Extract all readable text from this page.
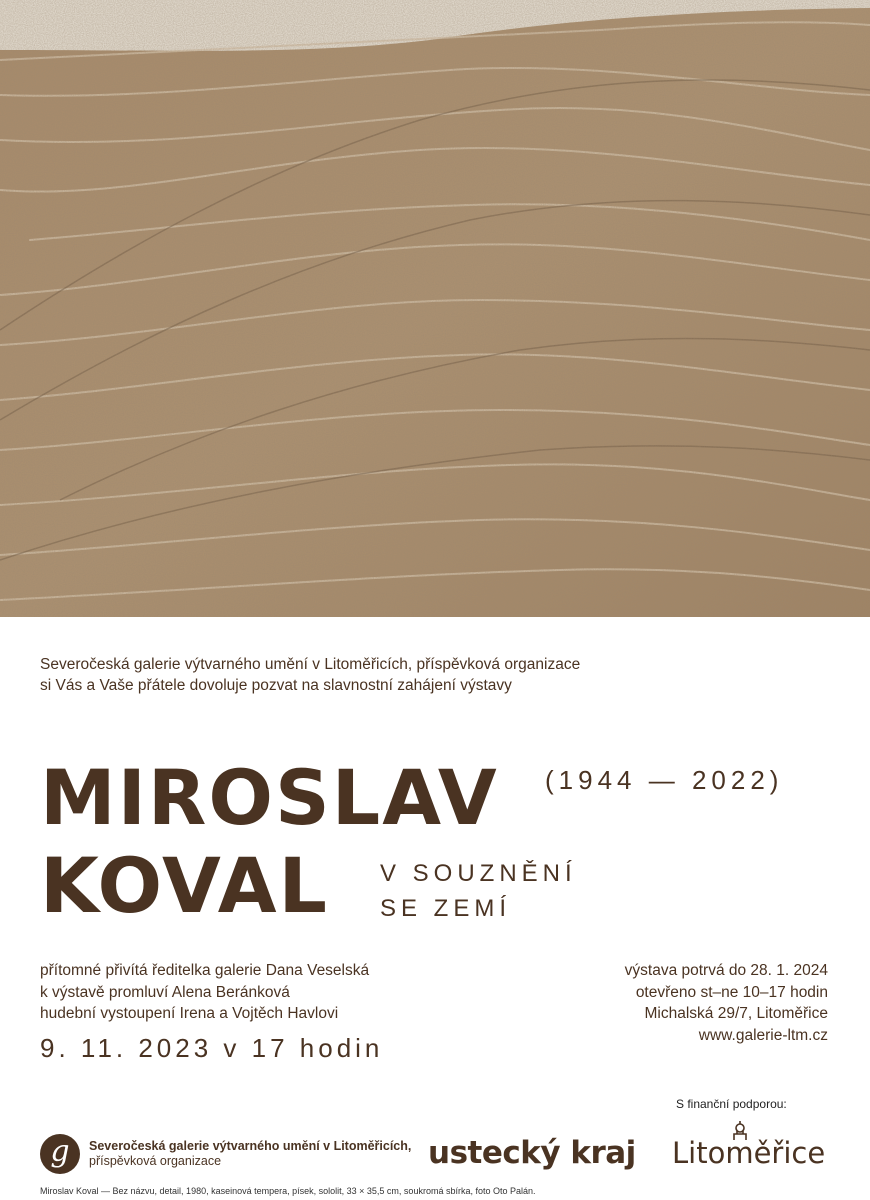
Severočeská galerie výtvarného umění v Litoměřicích, příspěvková organizace
si Vás a Vaše přátele dovoluje pozvat na slavnostní zahájení výstavy
MIROSLAV
KOVAL
(1944 — 2022)
V SOUZNĚNÍ
SE ZEMÍ
přítomné přivítá ředitelka galerie Dana Veselská
k výstavě promluví Alena Beránková
hudební vystoupení Irena a Vojtěch Havlovi
9. 11. 2023 v 17 hodin
výstava potrvá do 28. 1. 2024
otevřeno st–ne 10–17 hodin
Michalská 29/7, Litoměřice
www.galerie-ltm.cz
S finanční podporou:
g	Severočeská galerie výtvarného umění v Litoměřicích,
příspěvková organizace	ustecký kraj Litoměřice
Miroslav Koval — Bez názvu, detail, 1980, kaseinová tempera, písek, sololit, 33 × 35,5 cm, soukromá sbírka, foto Oto Palán.
